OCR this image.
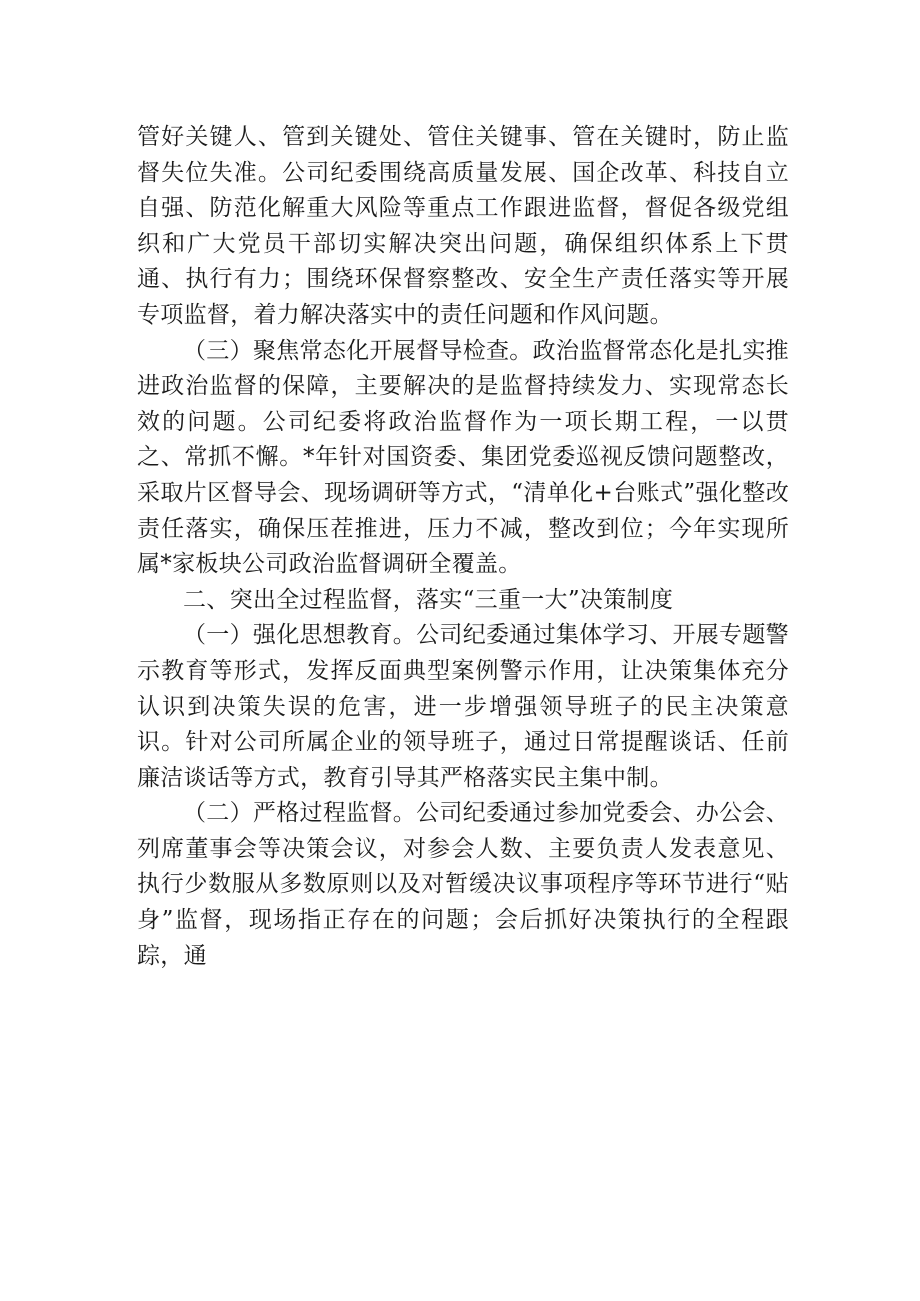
管好关键人、管到关键处、管住关键事、管在关键时，防止监督失位失准。公司纪委围绕高质量发展、国企改革、科技自立自强、防范化解重大风险等重点工作跟进监督，督促各级党组织和广大党员干部切实解决突出问题，确保组织体系上下贯通、执行有力；围绕环保督察整改、安全生产责任落实等开展专项监督，着力解决落实中的责任问题和作风问题。

（三）聚焦常态化开展督导检查。政治监督常态化是扎实推进政治监督的保障，主要解决的是监督持续发力、实现常态长效的问题。公司纪委将政治监督作为一项长期工程，一以贯之、常抓不懈。*年针对国资委、集团党委巡视反馈问题整改，采取片区督导会、现场调研等方式，“清单化+台账式”强化整改责任落实，确保压茬推进，压力不减，整改到位；今年实现所属*家板块公司政治监督调研全覆盖。

二、突出全过程监督，落实“三重一大”决策制度

（一）强化思想教育。公司纪委通过集体学习、开展专题警示教育等形式，发挥反面典型案例警示作用，让决策集体充分认识到决策失误的危害，进一步增强领导班子的民主决策意识。针对公司所属企业的领导班子，通过日常提醒谈话、任前廉洁谈话等方式，教育引导其严格落实民主集中制。

（二）严格过程监督。公司纪委通过参加党委会、办公会、列席董事会等决策会议，对参会人数、主要负责人发表意见、执行少数服从多数原则以及对暂缓决议事项程序等环节进行“贴身”监督，现场指正存在的问题；会后抓好决策执行的全程跟踪，通
